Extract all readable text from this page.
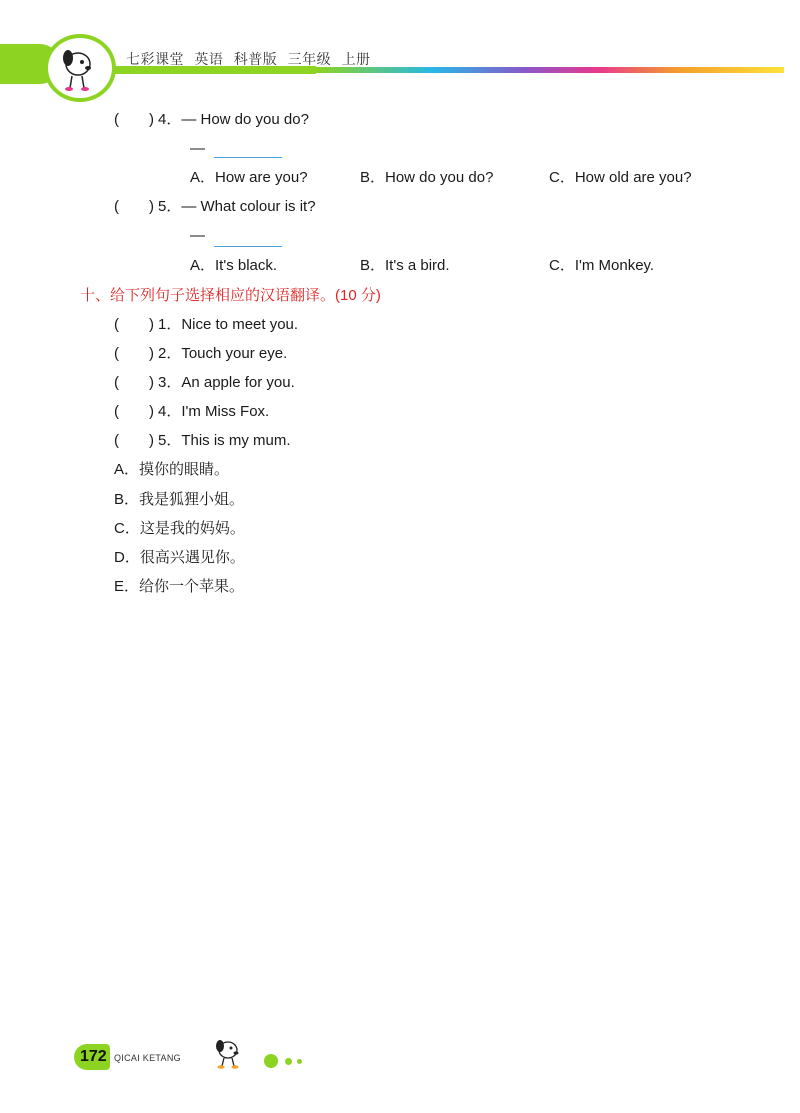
七彩课堂 英语 科普版 三年级 上册
(　　) 4．— How do you do?
—
A．How are you?	B．How do you do?	C．How old are you?
(　　) 5．— What colour is it?
—
A．It's black.	B．It's a bird.	C．I'm Monkey.
十、给下列句子选择相应的汉语翻译。(10 分)
(　　) 1．Nice to meet you.
(　　) 2．Touch your eye.
(　　) 3．An apple for you.
(　　) 4．I'm Miss Fox.
(　　) 5．This is my mum.
A．摸你的眼睛。
B．我是狐狸小姐。
C．这是我的妈妈。
D．很高兴遇见你。
E．给你一个苹果。
172 QICAI KETANG
